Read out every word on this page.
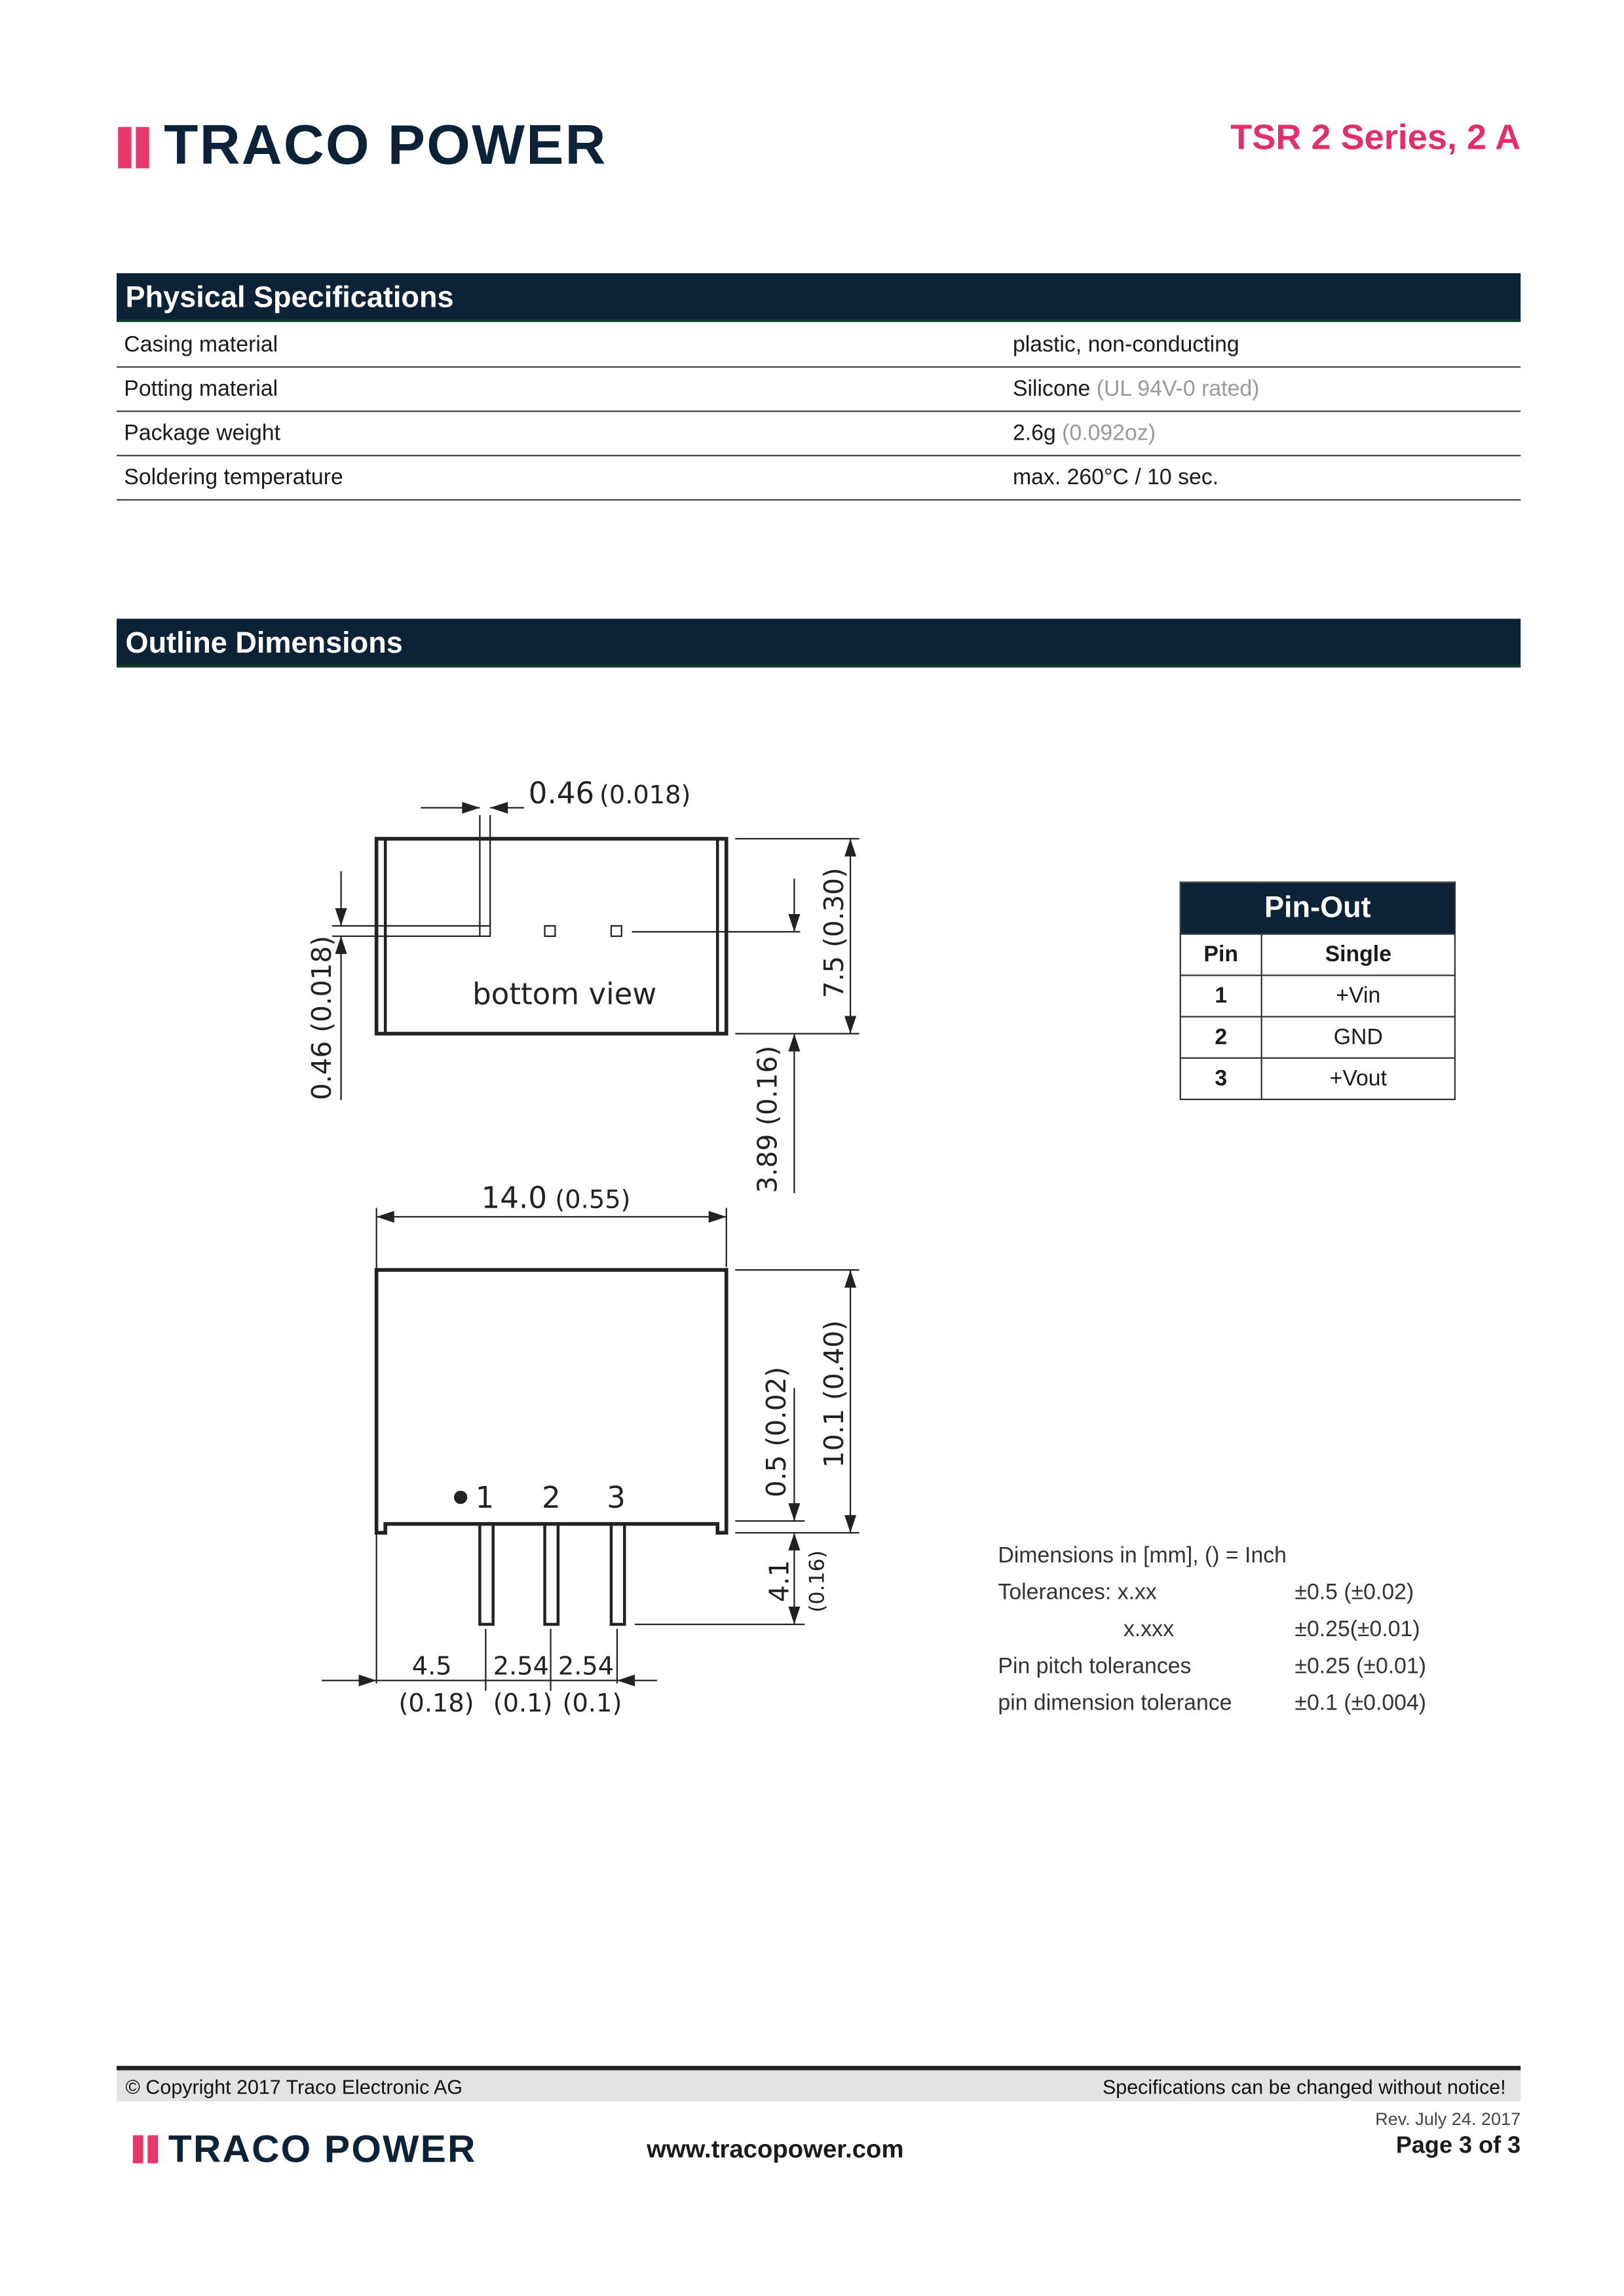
TRACO POWER	TSR 2 Series, 2 A
Physical Specifications
Casing material	plastic, non-conducting
Potting material	Silicone (UL 94V-0 rated)
Package weight	2.6g (0.092oz)
Soldering temperature	max. 260°C / 10 sec.
Outline Dimensions
0.46 (0.018)
bottom view
0.46 (0.018)
7.5 (0.30)
3.89 (0.16)
14.0 (0.55)
1	2	3
0.5 (0.02) 10.1 (0.40)
4.1 (0.16)
4.5
(0.18)
2.54
(0.1)
2.54
(0.1)
Pin-Out	
Pin	Single
1	+Vin
2	GND
3	+Vout
Dimensions in [mm], () = Inch
Tolerances: x.xx	±0.5 (±0.02)
x.xxx	±0.25(±0.01)
Pin pitch tolerances	±0.25 (±0.01)
pin dimension tolerance	±0.1 (±0.004)
© Copyright 2017 Traco Electronic AG	Specifications can be changed without notice!
TRACO POWER	www.tracopower.com
Rev. July 24. 2017
Page 3 of 3
